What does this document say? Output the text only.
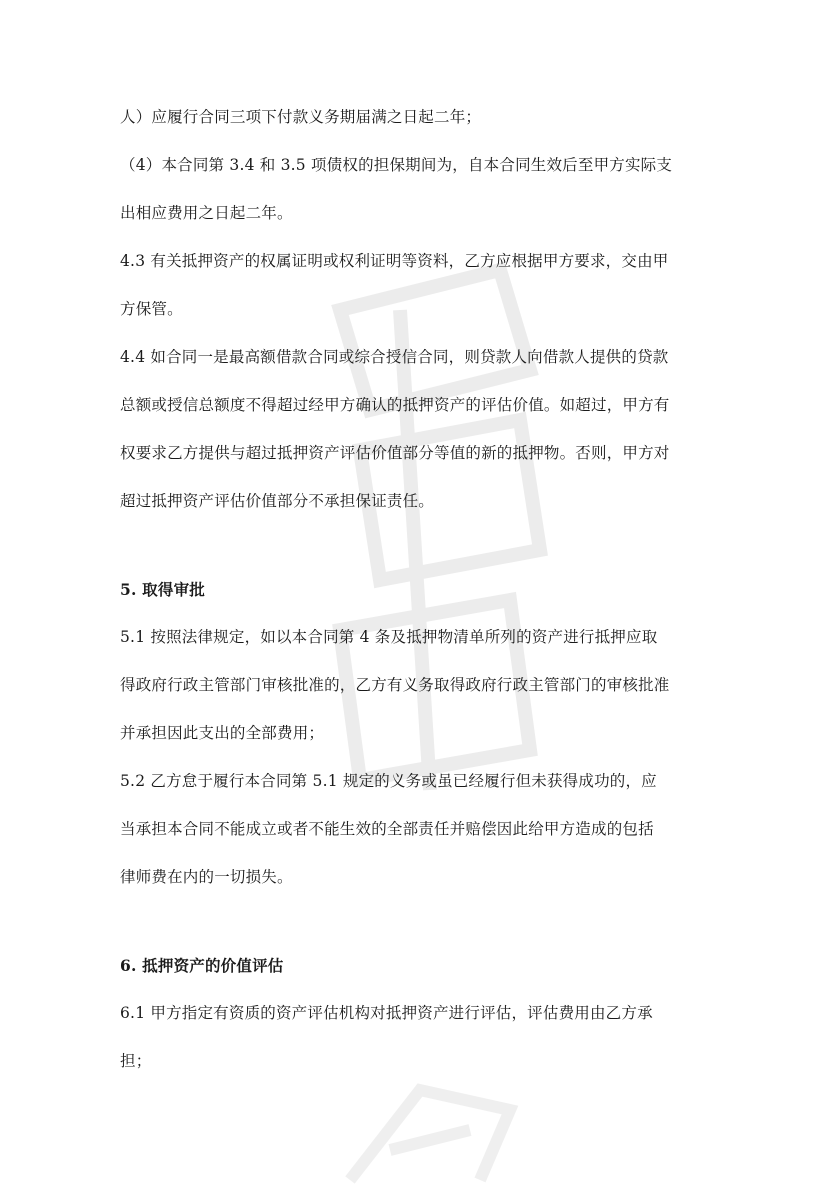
人）应履行合同三项下付款义务期届满之日起二年；
（4）本合同第 3.4 和 3.5 项债权的担保期间为，自本合同生效后至甲方实际支
出相应费用之日起二年。
4.3 有关抵押资产的权属证明或权利证明等资料，乙方应根据甲方要求，交由甲
方保管。
4.4 如合同一是最高额借款合同或综合授信合同，则贷款人向借款人提供的贷款
总额或授信总额度不得超过经甲方确认的抵押资产的评估价值。如超过，甲方有
权要求乙方提供与超过抵押资产评估价值部分等值的新的抵押物。否则，甲方对
超过抵押资产评估价值部分不承担保证责任。
5. 取得审批
5.1 按照法律规定，如以本合同第 4 条及抵押物清单所列的资产进行抵押应取
得政府行政主管部门审核批准的，乙方有义务取得政府行政主管部门的审核批准
并承担因此支出的全部费用；
5.2 乙方怠于履行本合同第 5.1 规定的义务或虽已经履行但未获得成功的，应
当承担本合同不能成立或者不能生效的全部责任并赔偿因此给甲方造成的包括
律师费在内的一切损失。
6. 抵押资产的价值评估
6.1 甲方指定有资质的资产评估机构对抵押资产进行评估，评估费用由乙方承
担；
